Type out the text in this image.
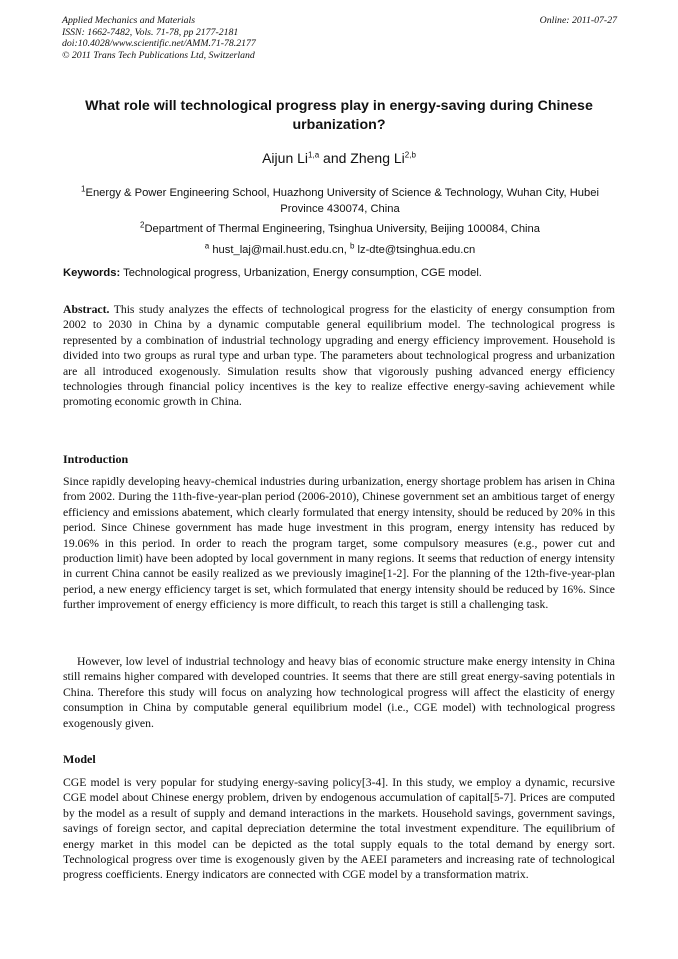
Applied Mechanics and Materials
ISSN: 1662-7482, Vols. 71-78, pp 2177-2181
doi:10.4028/www.scientific.net/AMM.71-78.2177
© 2011 Trans Tech Publications Ltd, Switzerland
Online: 2011-07-27
What role will technological progress play in energy-saving during Chinese urbanization?
Aijun Li$^{1,a}$ and Zheng Li$^{2,b}$
$^1$Energy & Power Engineering School, Huazhong University of Science & Technology, Wuhan City, Hubei Province 430074, China
$^2$Department of Thermal Engineering, Tsinghua University, Beijing 100084, China
$^a$ hust_laj@mail.hust.edu.cn, $^b$ lz-dte@tsinghua.edu.cn
Keywords: Technological progress, Urbanization, Energy consumption, CGE model.
Abstract. This study analyzes the effects of technological progress for the elasticity of energy consumption from 2002 to 2030 in China by a dynamic computable general equilibrium model. The technological progress is represented by a combination of industrial technology upgrading and energy efficiency improvement. Household is divided into two groups as rural type and urban type. The parameters about technological progress and urbanization are all introduced exogenously. Simulation results show that vigorously pushing advanced energy efficiency technologies through financial policy incentives is the key to realize effective energy-saving achievement while promoting economic growth in China.
Introduction
Since rapidly developing heavy-chemical industries during urbanization, energy shortage problem has arisen in China from 2002. During the 11th-five-year-plan period (2006-2010), Chinese government set an ambitious target of energy efficiency and emissions abatement, which clearly formulated that energy intensity, should be reduced by 20% in this period. Since Chinese government has made huge investment in this program, energy intensity has reduced by 19.06% in this period. In order to reach the program target, some compulsory measures (e.g., power cut and production limit) have been adopted by local government in many regions. It seems that reduction of energy intensity in current China cannot be easily realized as we previously imagine[1-2]. For the planning of the 12th-five-year-plan period, a new energy efficiency target is set, which formulated that energy intensity should be reduced by 16%. Since further improvement of energy efficiency is more difficult, to reach this target is still a challenging task.
However, low level of industrial technology and heavy bias of economic structure make energy intensity in China still remains higher compared with developed countries. It seems that there are still great energy-saving potentials in China. Therefore this study will focus on analyzing how technological progress will affect the elasticity of energy consumption in China by computable general equilibrium model (i.e., CGE model) with technological progress exogenously given.
Model
CGE model is very popular for studying energy-saving policy[3-4]. In this study, we employ a dynamic, recursive CGE model about Chinese energy problem, driven by endogenous accumulation of capital[5-7]. Prices are computed by the model as a result of supply and demand interactions in the markets. Household savings, government savings, savings of foreign sector, and capital depreciation determine the total investment expenditure. The equilibrium of energy market in this model can be depicted as the total supply equals to the total demand by energy sort. Technological progress over time is exogenously given by the AEEI parameters and increasing rate of technological progress coefficients. Energy indicators are connected with CGE model by a transformation matrix.
